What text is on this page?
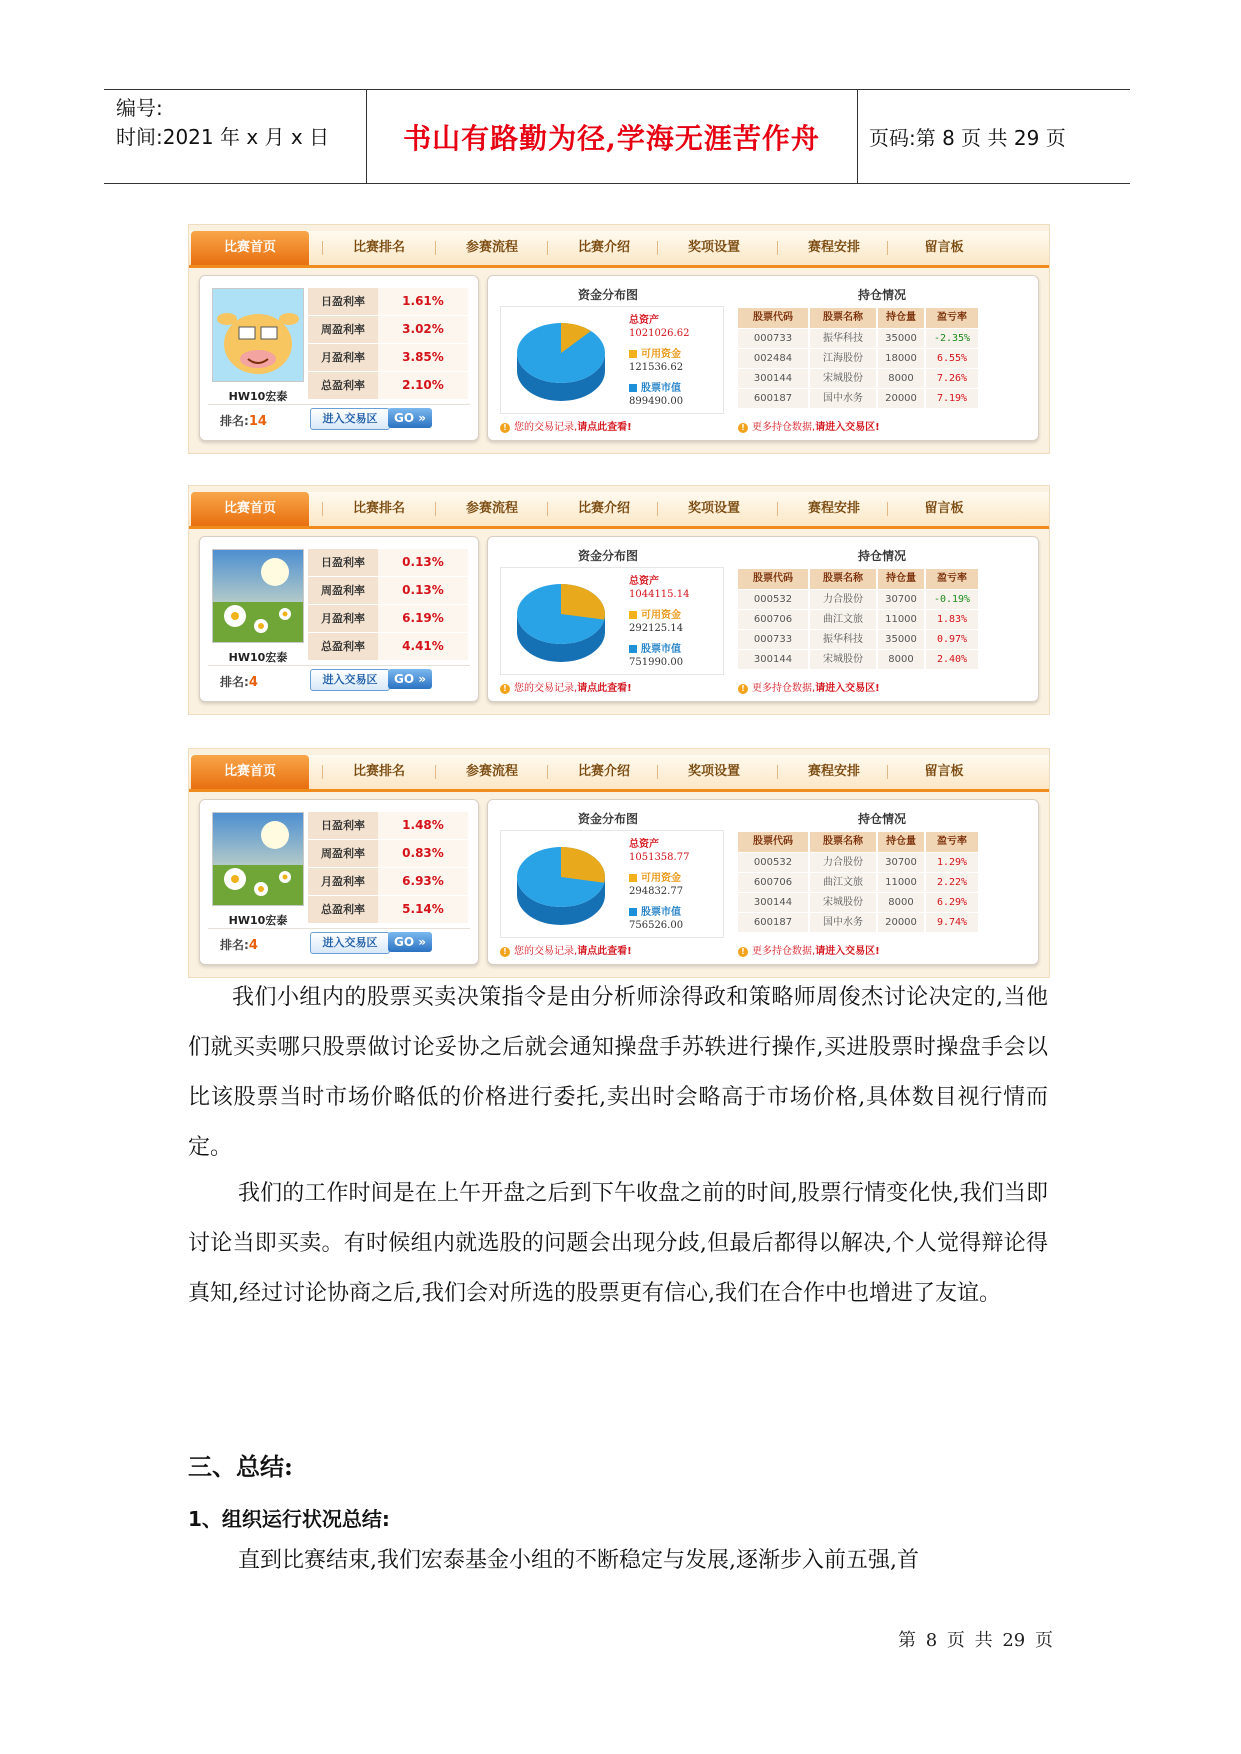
编号:
时间:2021 年 x 月 x 日	书山有路勤为径,学海无涯苦作舟 页码:第 8 页 共 29 页
比赛首页	比赛排名	参赛流程	比赛介绍	奖项设置	赛程安排	留言板
HW10宏泰
排名:14
日盈利率	1.61%
周盈利率	3.02%
月盈利率	3.85%
总盈利率	2.10%
进入交易区	GO »
资金分布图	持仓情况
总资产
1021026.62
可用资金
121536.62
股票市值
899490.00
股票代码	股票名称	持仓量	盈亏率
000733	振华科技	35000	-2.35%
002484	江海股份	18000	6.55%
300144	宋城股份	8000	7.26%
600187	国中水务	20000	7.19%
! 您的交易记录,请点此查看!	! 更多持仓数据,请进入交易区!
比赛首页	比赛排名	参赛流程	比赛介绍	奖项设置	赛程安排	留言板
HW10宏泰
排名:4
日盈利率	0.13%
周盈利率	0.13%
月盈利率	6.19%
总盈利率	4.41%
进入交易区	GO »
资金分布图	持仓情况
总资产
1044115.14
可用资金
292125.14
股票市值
751990.00
股票代码	股票名称	持仓量	盈亏率
000532	力合股份	30700	-0.19%
600706	曲江文旅	11000	1.83%
000733	振华科技	35000	0.97%
300144	宋城股份	8000	2.40%
! 您的交易记录,请点此查看!	! 更多持仓数据,请进入交易区!
比赛首页	比赛排名	参赛流程	比赛介绍	奖项设置	赛程安排	留言板
HW10宏泰
排名:4
日盈利率	1.48%
周盈利率	0.83%
月盈利率	6.93%
总盈利率	5.14%
进入交易区	GO »
资金分布图	持仓情况
总资产
1051358.77
可用资金
294832.77
股票市值
756526.00
股票代码	股票名称	持仓量	盈亏率
000532	力合股份	30700	1.29%
600706	曲江文旅	11000	2.22%
300144	宋城股份	8000	6.29%
600187	国中水务	20000	9.74%
! 您的交易记录,请点此查看!	! 更多持仓数据,请进入交易区!
我们小组内的股票买卖决策指令是由分析师涂得政和策略师周俊杰讨论决定的,当他们就买卖哪只股票做讨论妥协之后就会通知操盘手苏轶进行操作,买进股票时操盘手会以比该股票当时市场价略低的价格进行委托,卖出时会略高于市场价格,具体数目视行情而定。
我们的工作时间是在上午开盘之后到下午收盘之前的时间,股票行情变化快,我们当即讨论当即买卖。有时候组内就选股的问题会出现分歧,但最后都得以解决,个人觉得辩论得真知,经过讨论协商之后,我们会对所选的股票更有信心,我们在合作中也增进了友谊。
三、总结:
1、组织运行状况总结:
直到比赛结束,我们宏泰基金小组的不断稳定与发展,逐渐步入前五强,首
第 8 页 共 29 页
